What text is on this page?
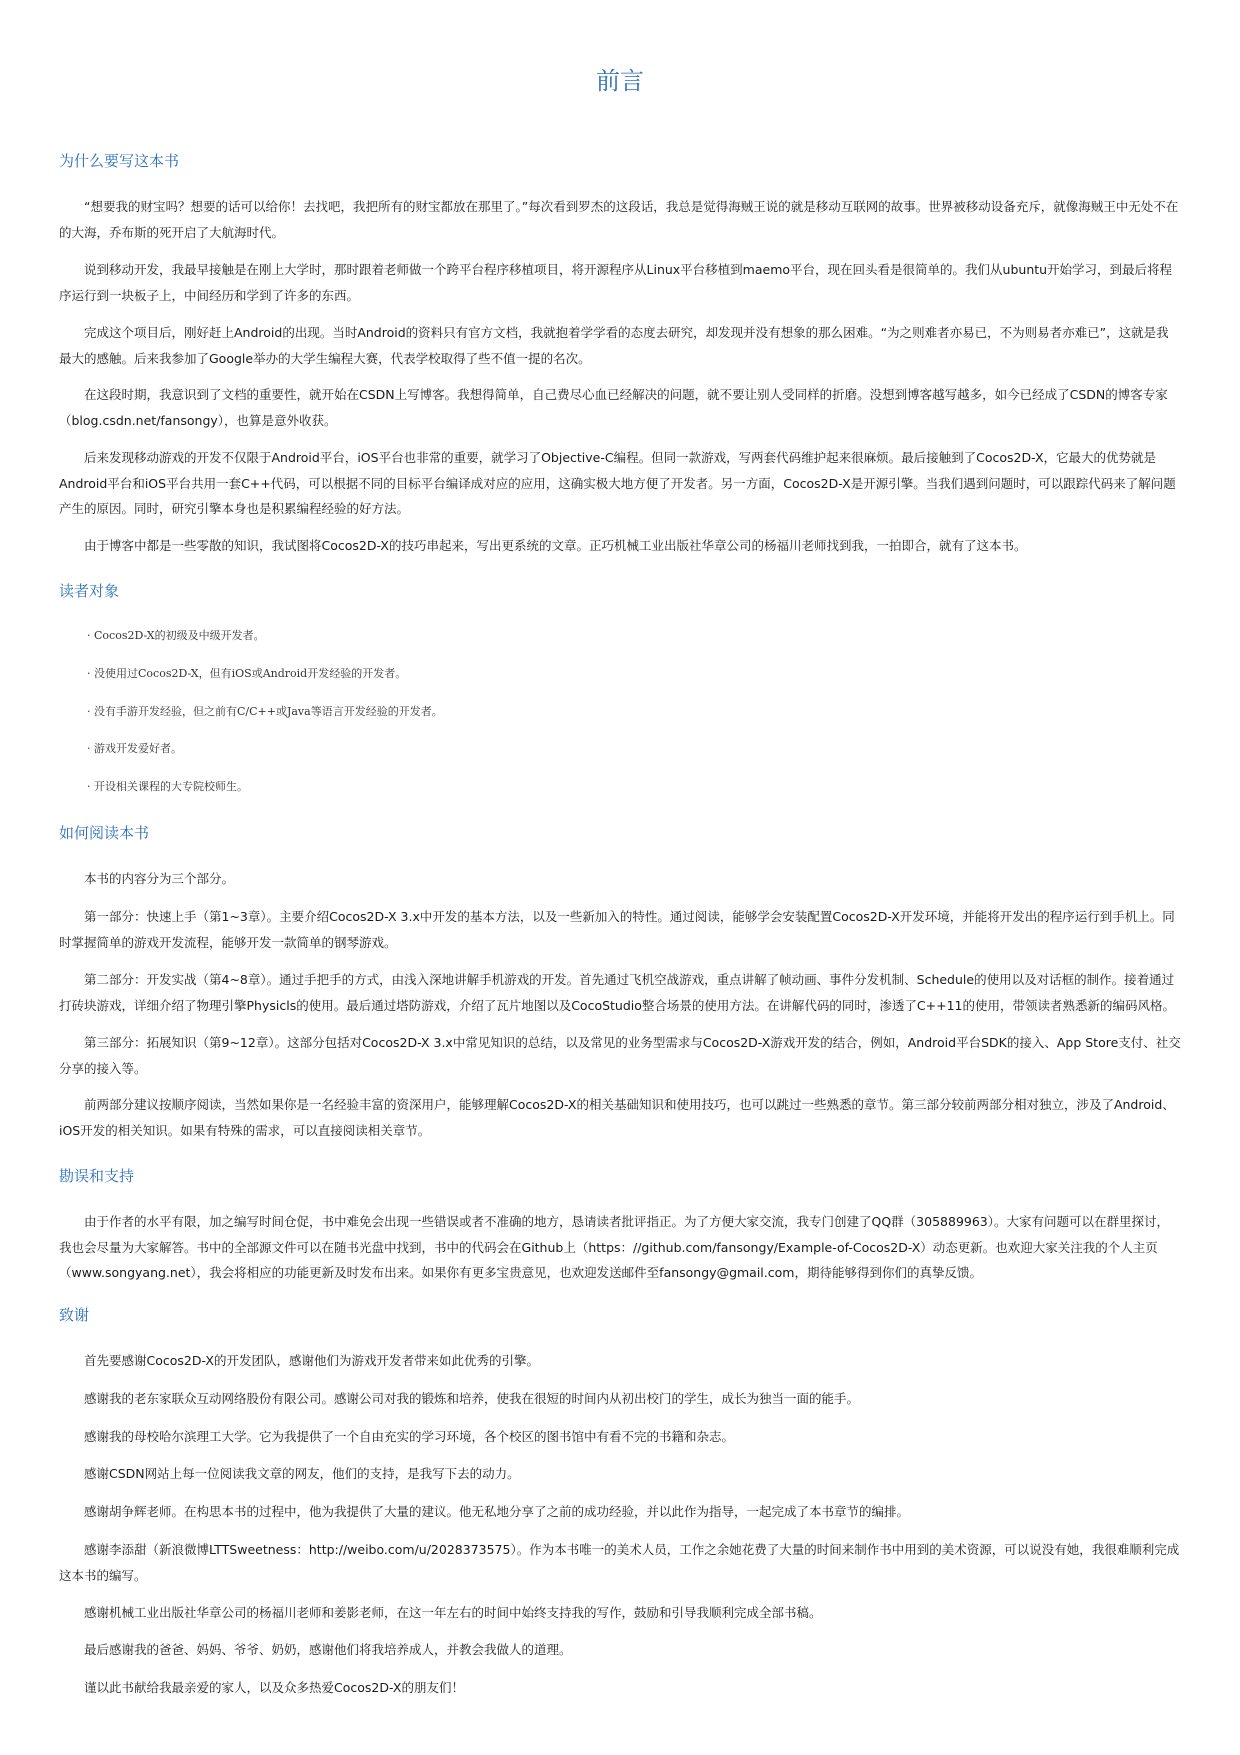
前言
为什么要写这本书

“想要我的财宝吗？想要的话可以给你！去找吧，我把所有的财宝都放在那里了。”每次看到罗杰的这段话，我总是觉得海贼王说的就是移动互联网的故事。世界被移动设备充斥，就像海贼王中无处不在的大海，乔布斯的死开启了大航海时代。

说到移动开发，我最早接触是在刚上大学时，那时跟着老师做一个跨平台程序移植项目，将开源程序从Linux平台移植到maemo平台，现在回头看是很简单的。我们从ubuntu开始学习，到最后将程序运行到一块板子上，中间经历和学到了许多的东西。

完成这个项目后，刚好赶上Android的出现。当时Android的资料只有官方文档，我就抱着学学看的态度去研究，却发现并没有想象的那么困难。“为之则难者亦易已，不为则易者亦难已”，这就是我最大的感触。后来我参加了Google举办的大学生编程大赛，代表学校取得了些不值一提的名次。

在这段时期，我意识到了文档的重要性，就开始在CSDN上写博客。我想得简单，自己费尽心血已经解决的问题，就不要让别人受同样的折磨。没想到博客越写越多，如今已经成了CSDN的博客专家（blog.csdn.net/fansongy），也算是意外收获。

后来发现移动游戏的开发不仅限于Android平台，iOS平台也非常的重要，就学习了Objective-C编程。但同一款游戏，写两套代码维护起来很麻烦。最后接触到了Cocos2D-X，它最大的优势就是Android平台和iOS平台共用一套C++代码，可以根据不同的目标平台编译成对应的应用，这确实极大地方便了开发者。另一方面，Cocos2D-X是开源引擎。当我们遇到问题时，可以跟踪代码来了解问题产生的原因。同时，研究引擎本身也是积累编程经验的好方法。

由于博客中都是一些零散的知识，我试图将Cocos2D-X的技巧串起来，写出更系统的文章。正巧机械工业出版社华章公司的杨福川老师找到我，一拍即合，就有了这本书。

读者对象

· Cocos2D-X的初级及中级开发者。

· 没使用过Cocos2D-X，但有iOS或Android开发经验的开发者。

· 没有手游开发经验，但之前有C/C++或Java等语言开发经验的开发者。

· 游戏开发爱好者。

· 开设相关课程的大专院校师生。

如何阅读本书

本书的内容分为三个部分。

第一部分：快速上手（第1~3章）。主要介绍Cocos2D-X 3.x中开发的基本方法，以及一些新加入的特性。通过阅读，能够学会安装配置Cocos2D-X开发环境，并能将开发出的程序运行到手机上。同时掌握简单的游戏开发流程，能够开发一款简单的钢琴游戏。

第二部分：开发实战（第4~8章）。通过手把手的方式，由浅入深地讲解手机游戏的开发。首先通过飞机空战游戏，重点讲解了帧动画、事件分发机制、Schedule的使用以及对话框的制作。接着通过打砖块游戏，详细介绍了物理引擎Physicls的使用。最后通过塔防游戏，介绍了瓦片地图以及CocoStudio整合场景的使用方法。在讲解代码的同时，渗透了C++11的使用，带领读者熟悉新的编码风格。

第三部分：拓展知识（第9~12章）。这部分包括对Cocos2D-X 3.x中常见知识的总结，以及常见的业务型需求与Cocos2D-X游戏开发的结合，例如，Android平台SDK的接入、App Store支付、社交分享的接入等。

前两部分建议按顺序阅读，当然如果你是一名经验丰富的资深用户，能够理解Cocos2D-X的相关基础知识和使用技巧，也可以跳过一些熟悉的章节。第三部分较前两部分相对独立，涉及了Android、iOS开发的相关知识。如果有特殊的需求，可以直接阅读相关章节。

勘误和支持

由于作者的水平有限，加之编写时间仓促，书中难免会出现一些错误或者不准确的地方，恳请读者批评指正。为了方便大家交流，我专门创建了QQ群（305889963）。大家有问题可以在群里探讨，我也会尽量为大家解答。书中的全部源文件可以在随书光盘中找到，书中的代码会在Github上（https：//github.com/fansongy/Example-of-Cocos2D-X）动态更新。也欢迎大家关注我的个人主页（www.songyang.net），我会将相应的功能更新及时发布出来。如果你有更多宝贵意见，也欢迎发送邮件至fansongy@gmail.com，期待能够得到你们的真挚反馈。

致谢

首先要感谢Cocos2D-X的开发团队，感谢他们为游戏开发者带来如此优秀的引擎。

感谢我的老东家联众互动网络股份有限公司。感谢公司对我的锻炼和培养，使我在很短的时间内从初出校门的学生，成长为独当一面的能手。

感谢我的母校哈尔滨理工大学。它为我提供了一个自由充实的学习环境，各个校区的图书馆中有看不完的书籍和杂志。

感谢CSDN网站上每一位阅读我文章的网友，他们的支持，是我写下去的动力。

感谢胡争辉老师。在构思本书的过程中，他为我提供了大量的建议。他无私地分享了之前的成功经验，并以此作为指导，一起完成了本书章节的编排。

感谢李添甜（新浪微博LTTSweetness：http://weibo.com/u/2028373575）。作为本书唯一的美术人员，工作之余她花费了大量的时间来制作书中用到的美术资源，可以说没有她，我很难顺利完成这本书的编写。

感谢机械工业出版社华章公司的杨福川老师和姜影老师，在这一年左右的时间中始终支持我的写作，鼓励和引导我顺利完成全部书稿。

最后感谢我的爸爸、妈妈、爷爷、奶奶，感谢他们将我培养成人，并教会我做人的道理。

谨以此书献给我最亲爱的家人，以及众多热爱Cocos2D-X的朋友们！
